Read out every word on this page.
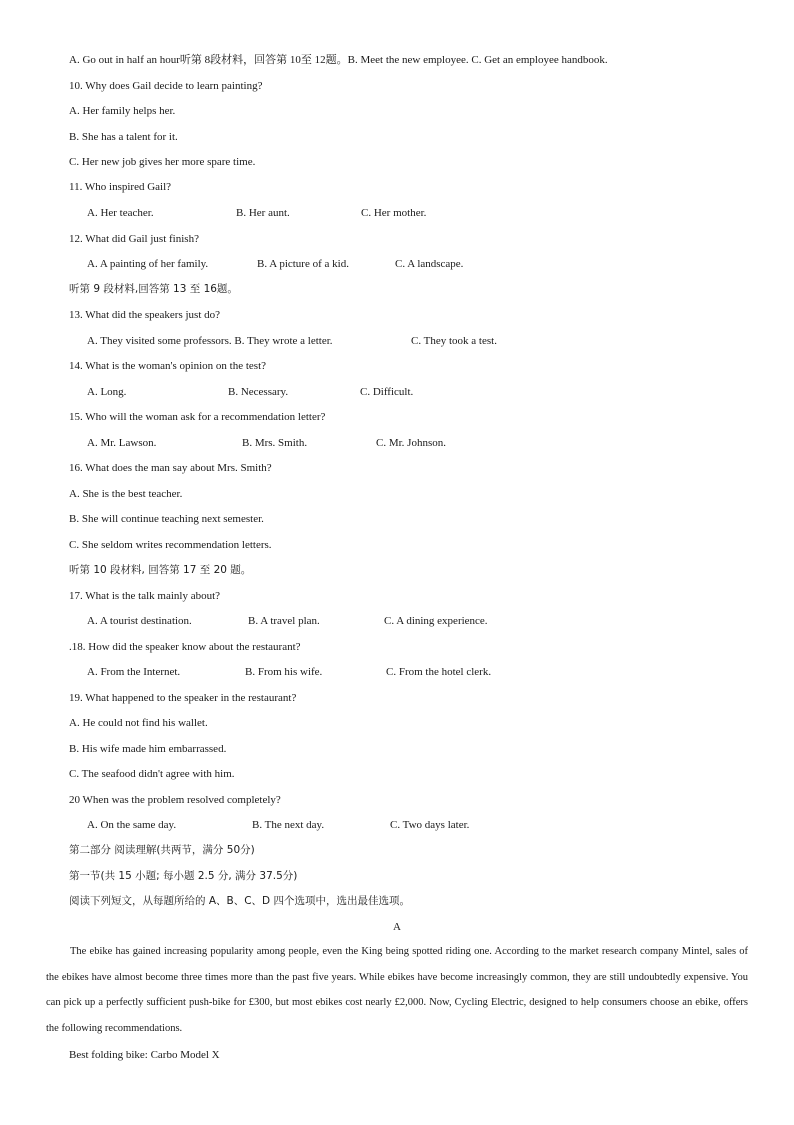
A. Go out in half an hour听第 8段材料，回答第 10至 12题。B. Meet the new employee. C. Get an employee handbook.
10. Why does Gail decide to learn painting?
A. Her family helps her.
B. She has a talent for it.
C. Her new job gives her more spare time.
11. Who inspired Gail?
A. Her teacher.	B. Her aunt.	C. Her mother.
12. What did Gail just finish?
A. A painting of her family.	B. A picture of a kid.	C. A landscape.
听第 9 段材料,回答第 13 至 16题。
13. What did the speakers just do?
A. They visited some professors. B. They wrote a letter.	C. They took a test.
14. What is the woman's opinion on the test?
A. Long.	B. Necessary.	C. Difficult.
15. Who will the woman ask for a recommendation letter?
A. Mr. Lawson.	B. Mrs. Smith.	C. Mr. Johnson.
16. What does the man say about Mrs. Smith?
A. She is the best teacher.
B. She will continue teaching next semester.
C. She seldom writes recommendation letters.
听第 10 段材料, 回答第 17 至 20 题。
17. What is the talk mainly about?
A. A tourist destination.	B. A travel plan.	C. A dining experience.
.18. How did the speaker know about the restaurant?
A. From the Internet.	B. From his wife.	C. From the hotel clerk.
19. What happened to the speaker in the restaurant?
A. He could not find his wallet.
B. His wife made him embarrassed.
C. The seafood didn't agree with him.
20 When was the problem resolved completely?
A. On the same day.	B. The next day.	C. Two days later.
第二部分 阅读理解(共两节，满分 50分)
第一节(共 15 小题; 每小题 2.5 分, 满分 37.5分)
阅读下列短文，从每题所给的 A、B、C、D 四个选项中，选出最佳选项。
A
The ebike has gained increasing popularity among people, even the King being spotted riding one. According to the market research company Mintel, sales of the ebikes have almost become three times more than the past five years. While ebikes have become increasingly common, they are still undoubtedly expensive. You can pick up a perfectly sufficient push-bike for £300, but most ebikes cost nearly £2,000. Now, Cycling Electric, designed to help consumers choose an ebike, offers the following recommendations.
Best folding bike: Carbo Model X
